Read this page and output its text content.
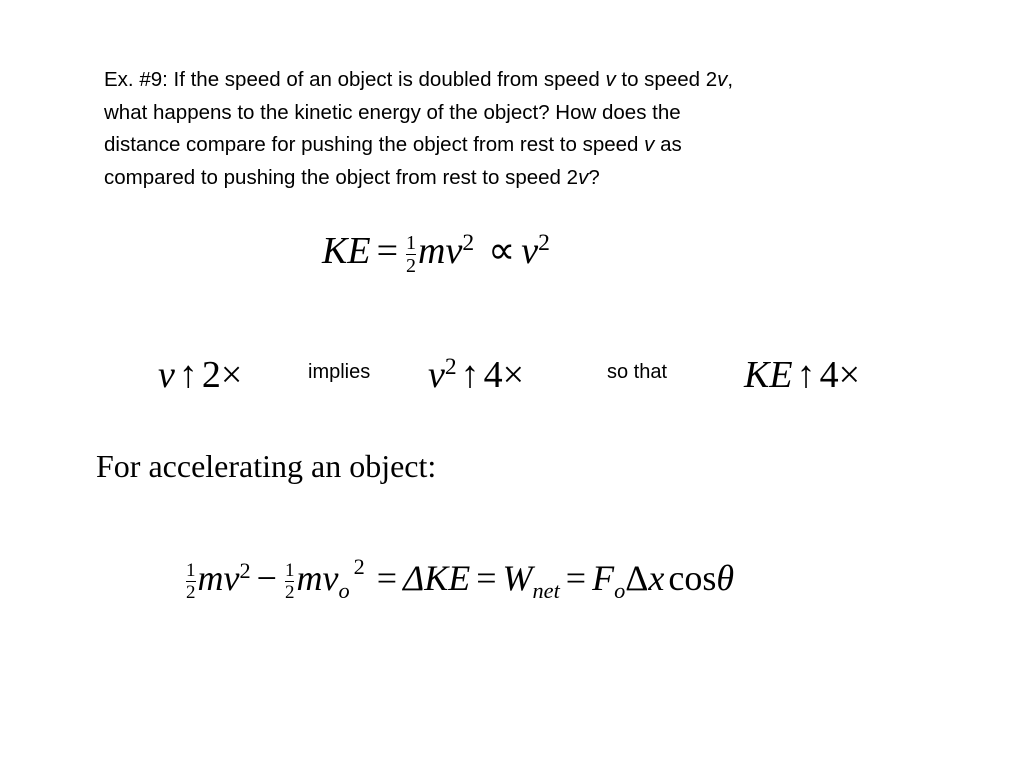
Ex. #9: If the speed of an object is doubled from speed v to speed 2v,

what happens to the kinetic energy of the object? How does the

distance compare for pushing the object from rest to speed v as

compared to pushing the object from rest to speed 2v?

KE = $\frac{1}{2} mv^2 \propto v^2$
v ↑ 2×	implies $v^2$ ↑ 4×	so that KE ↑ 4×
For accelerating an object:
$\frac{1}{2} mv^2 - \frac{1}{2} mv_o^2 = \Delta KE = W_{net} = F_o\Delta x$ cosθ
